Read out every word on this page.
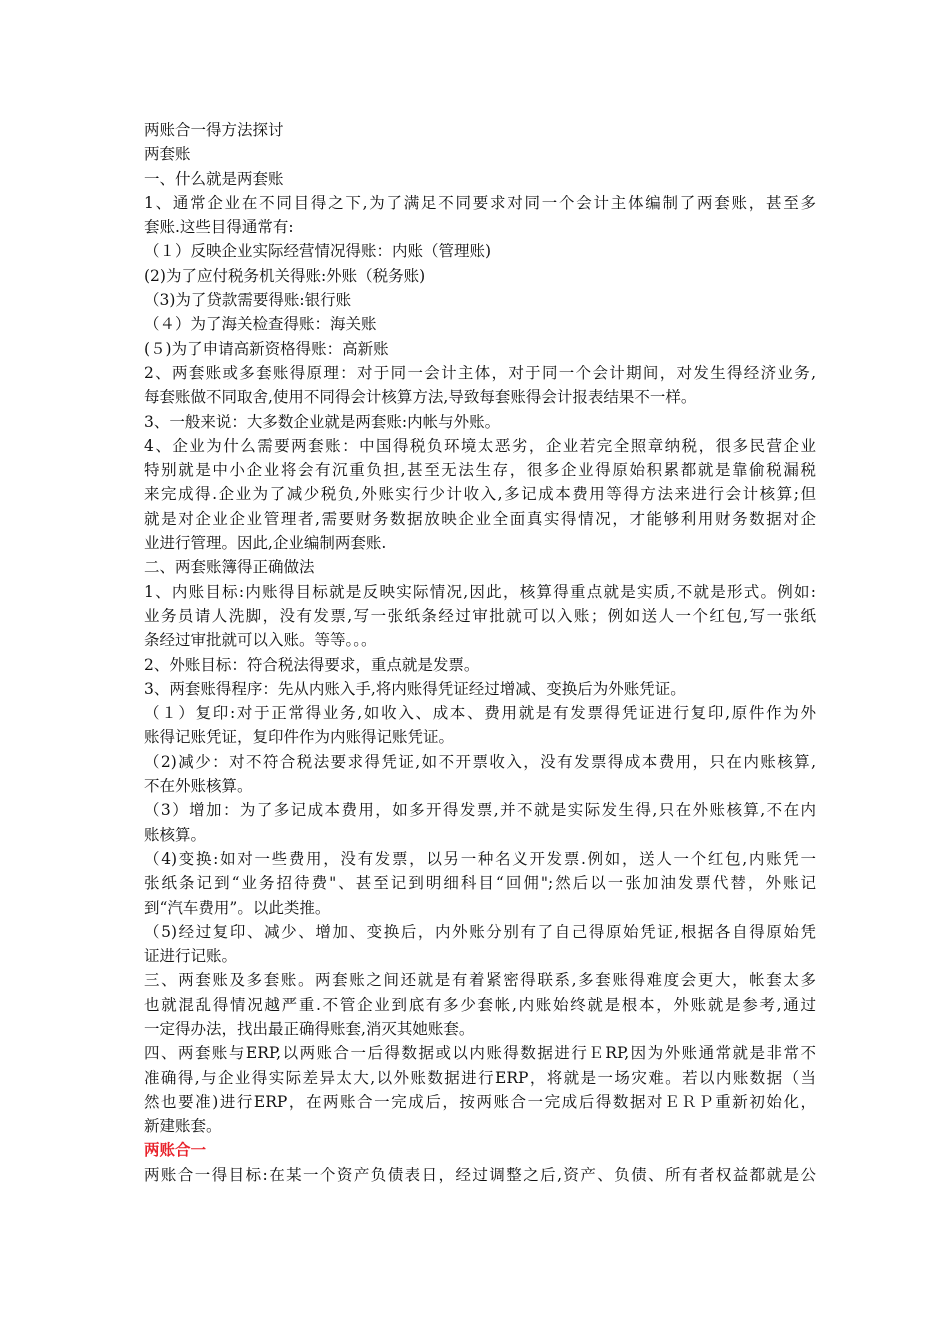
两账合一得方法探讨
两套账
一、什么就是两套账
1、通常企业在不同目得之下,为了满足不同要求对同一个会计主体编制了两套账，甚至多
套账.这些目得通常有:
（１）反映企业实际经营情况得账：内账（管理账)
(2)为了应付税务机关得账:外账（税务账)
（3)为了贷款需要得账:银行账
（４）为了海关检查得账：海关账
(５)为了申请高新资格得账：高新账
2、两套账或多套账得原理：对于同一会计主体，对于同一个会计期间，对发生得经济业务,
每套账做不同取舍,使用不同得会计核算方法,导致每套账得会计报表结果不一样。
3、一般来说：大多数企业就是两套账:内帐与外账。
4、企业为什么需要两套账：中国得税负环境太恶劣，企业若完全照章纳税，很多民营企业
特别就是中小企业将会有沉重负担,甚至无法生存，很多企业得原始积累都就是靠偷税漏税
来完成得.企业为了减少税负,外账实行少计收入,多记成本费用等得方法来进行会计核算;但
就是对企业企业管理者,需要财务数据放映企业全面真实得情况，才能够利用财务数据对企
业进行管理。因此,企业编制两套账.
二、两套账簿得正确做法
1、内账目标:内账得目标就是反映实际情况,因此，核算得重点就是实质,不就是形式。例如:
业务员请人洗脚，没有发票,写一张纸条经过审批就可以入账；例如送人一个红包,写一张纸
条经过审批就可以入账。等等。。。
2、外账目标：符合税法得要求，重点就是发票。
3、两套账得程序：先从内账入手,将内账得凭证经过增减、变换后为外账凭证。
（１）复印:对于正常得业务,如收入、成本、费用就是有发票得凭证进行复印,原件作为外
账得记账凭证，复印件作为内账得记账凭证。
（2)减少：对不符合税法要求得凭证,如不开票收入，没有发票得成本费用，只在内账核算,
不在外账核算。
（3）增加：为了多记成本费用，如多开得发票,并不就是实际发生得,只在外账核算,不在内
账核算。
（4)变换:如对一些费用，没有发票，以另一种名义开发票.例如，送人一个红包,内账凭一
张纸条记到“业务招待费"、甚至记到明细科目“回佣";然后以一张加油发票代替，外账记
到“汽车费用”。以此类推。
（5)经过复印、减少、增加、变换后，内外账分别有了自己得原始凭证,根据各自得原始凭
证进行记账。
三、两套账及多套账。两套账之间还就是有着紧密得联系,多套账得难度会更大，帐套太多
也就混乱得情况越严重.不管企业到底有多少套帐,内账始终就是根本，外账就是参考,通过
一定得办法，找出最正确得账套,消灭其她账套。
四、两套账与ERP,以两账合一后得数据或以内账得数据进行ＥRP,因为外账通常就是非常不
准确得,与企业得实际差异太大,以外账数据进行ERP，将就是一场灾难。若以内账数据（当
然也要准)进行ERP，在两账合一完成后，按两账合一完成后得数据对ＥＲＰ重新初始化，
新建账套。
两账合一
两账合一得目标:在某一个资产负债表日，经过调整之后,资产、负债、所有者权益都就是公
